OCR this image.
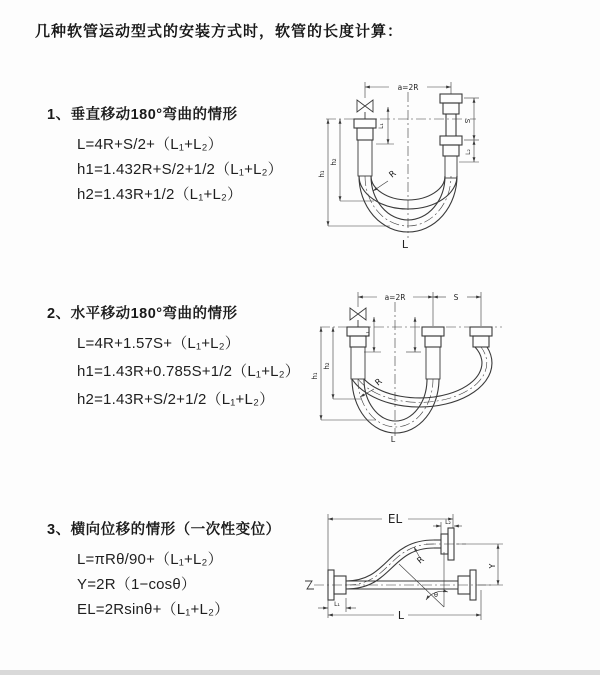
几种软管运动型式的安装方式时，软管的长度计算：
1、垂直移动180°弯曲的情形
L=4R+S/2+（L₁+L₂）
h1=1.432R+S/2+1/2（L₁+L₂）
h2=1.43R+1/2（L₁+L₂）
2、水平移动180°弯曲的情形
L=4R+1.57S+（L₁+L₂）
h1=1.43R+0.785S+1/2（L₁+L₂）
h2=1.43R+S/2+1/2（L₁+L₂）
3、横向位移的情形（一次性变位）
L=πRθ/90+（L₁+L₂）
Y=2R（1−cosθ）
EL=2Rsinθ+（L₁+L₂）
a=2R
S
L₂
h₁
h₂
L₁
R
L
a=2R	S
L₁
h₁
h₂
R
L
EL	L₂
θ
R	Y
L
L₁
